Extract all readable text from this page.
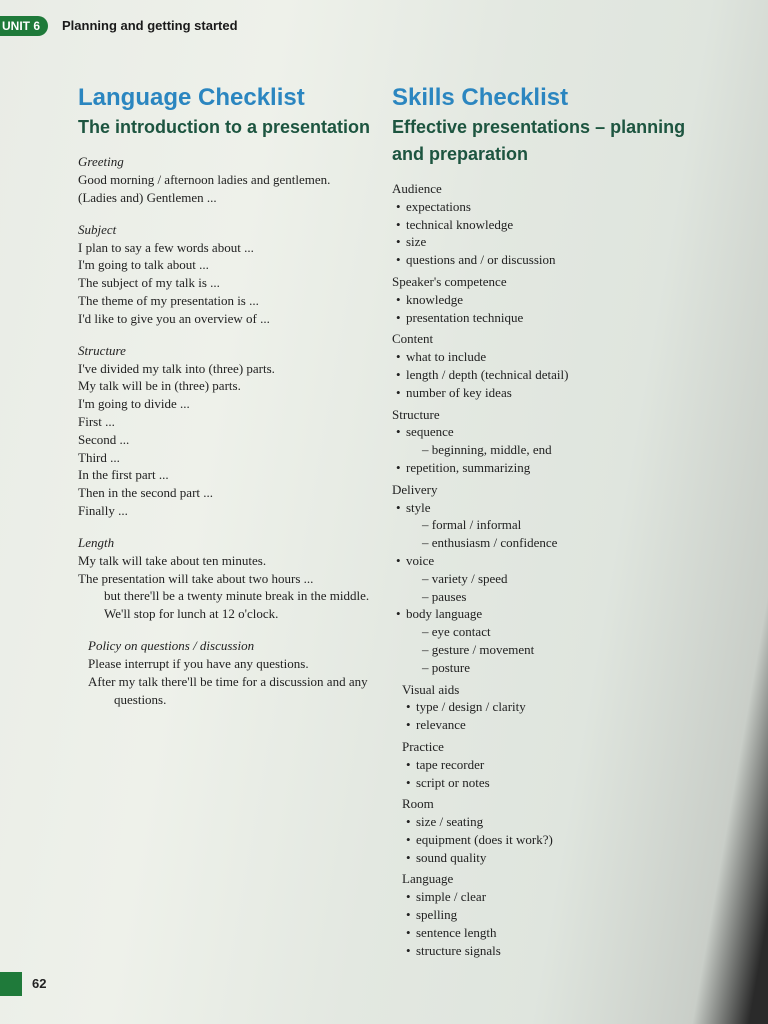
UNIT 6	Planning and getting started
Language Checklist
The introduction to a presentation
Greeting
Good morning / afternoon ladies and gentlemen.
(Ladies and) Gentlemen ...
Subject
I plan to say a few words about ...
I'm going to talk about ...
The subject of my talk is ...
The theme of my presentation is ...
I'd like to give you an overview of ...
Structure
I've divided my talk into (three) parts.
My talk will be in (three) parts.
I'm going to divide ...
First ...
Second ...
Third ...
In the first part ...
Then in the second part ...
Finally ...
Length
My talk will take about ten minutes.
The presentation will take about two hours ...
but there'll be a twenty minute break in the middle. We'll stop for lunch at 12 o'clock.
Policy on questions / discussion
Please interrupt if you have any questions.
After my talk there'll be time for a discussion and any questions.
Skills Checklist
Effective presentations – planning and preparation
Audience
• expectations
• technical knowledge
• size
• questions and / or discussion
Speaker's competence
• knowledge
• presentation technique
Content
• what to include
• length / depth (technical detail)
• number of key ideas
Structure
• sequence
– beginning, middle, end
• repetition, summarizing
Delivery
• style
– formal / informal
– enthusiasm / confidence
• voice
– variety / speed
– pauses
• body language
– eye contact
– gesture / movement
– posture
Visual aids
• type / design / clarity
• relevance
Practice
• tape recorder
• script or notes
Room
• size / seating
• equipment (does it work?)
• sound quality
Language
• simple / clear
• spelling
• sentence length
• structure signals
62
